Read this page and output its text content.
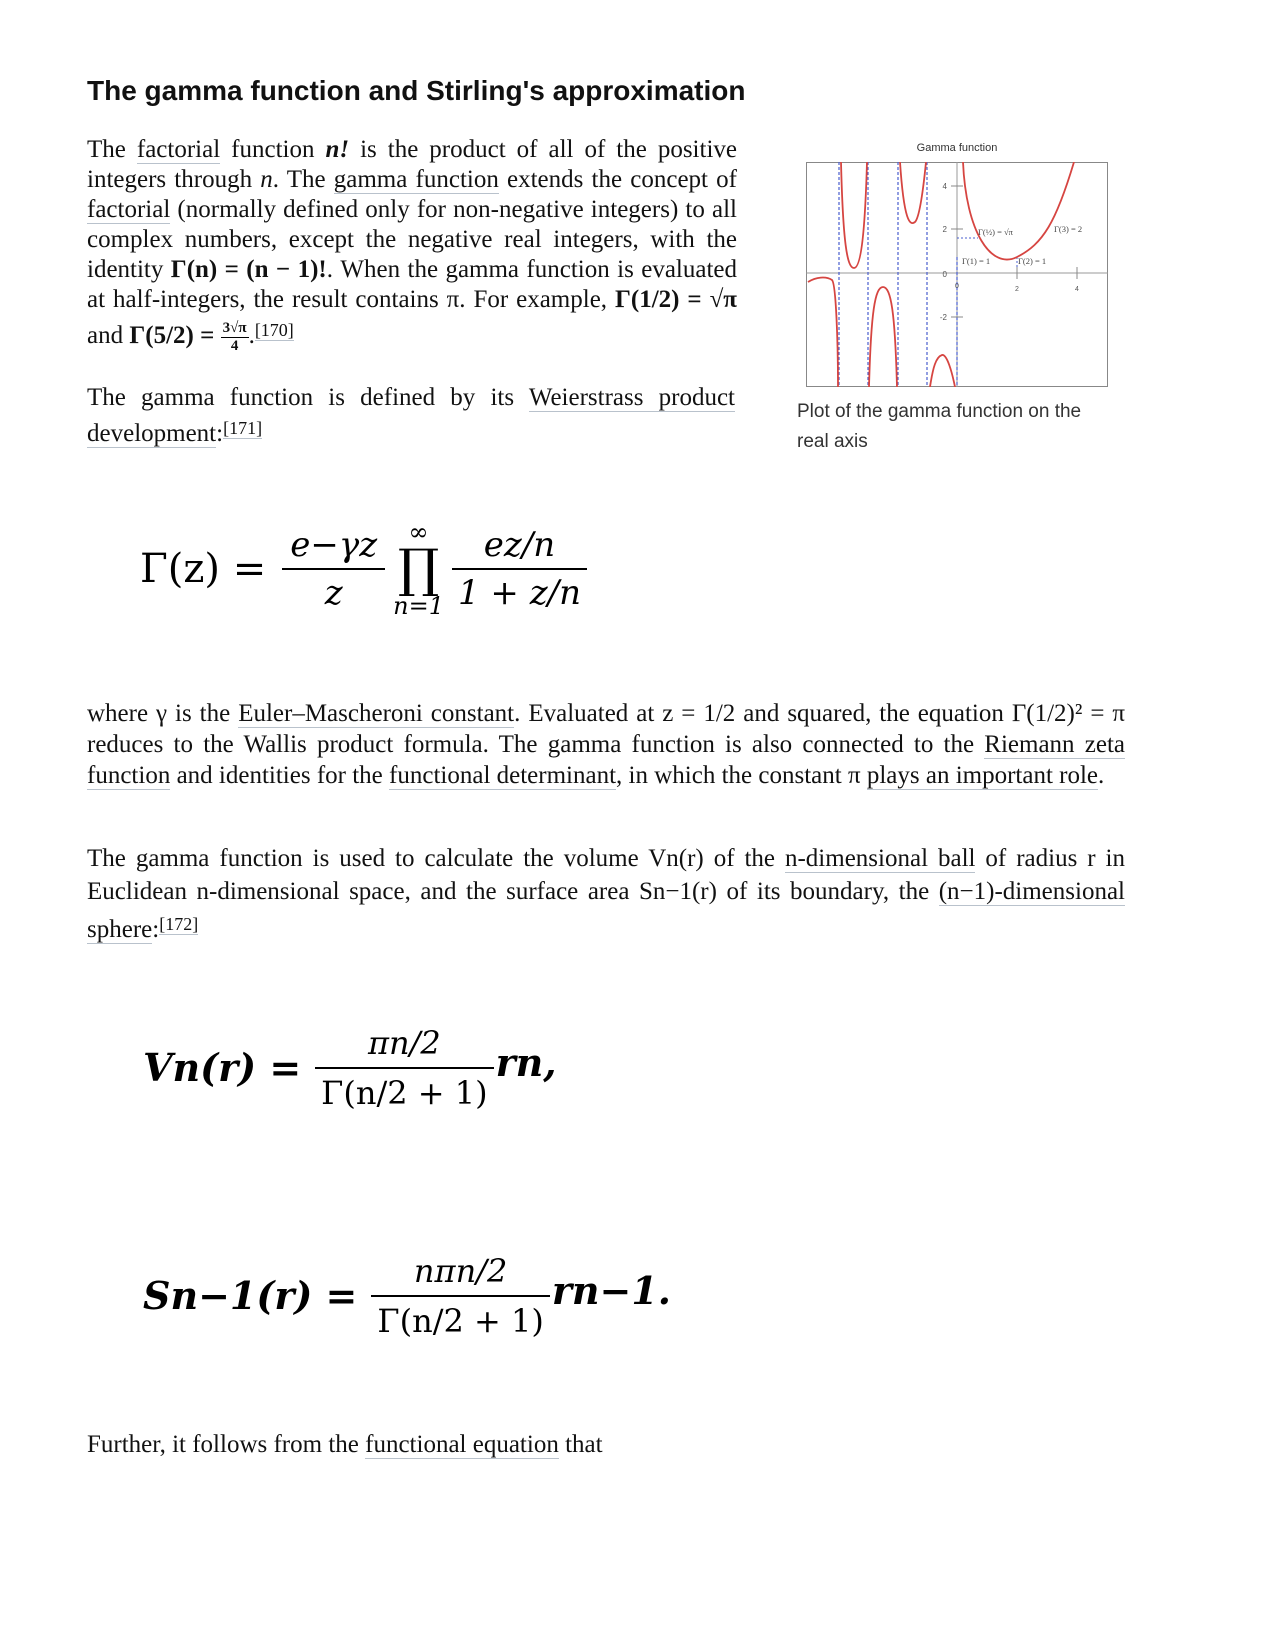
The gamma function and Stirling's approximation
The factorial function n! is the product of all of the positive integers through n. The gamma function extends the concept of factorial (normally defined only for non-negative integers) to all complex numbers, except the negative real integers, with the identity Γ(n) = (n − 1)!. When the gamma function is evaluated at half-integers, the result contains π. For example, Γ(1/2) = √π and $\Gamma(5/2) = \frac{3√\pi}{4} .[170]$
The gamma function is defined by its Weierstrass product development:[171]
Gamma function
4
2
0
-2
0	2	4
Γ(½) = √π	Γ(3) = 2
Γ(1) = 1	Γ(2) = 1
Plot of the gamma function on the real axis
$\Gamma(z) = \frac{e-\gamma z}{z}$ ∞
∏
$n=1 \frac{ez/n}{1 + z/n}$
where γ is the Euler–Mascheroni constant. Evaluated at z = 1/2 and squared, the equation Γ(1/2)² = π reduces to the Wallis product formula. The gamma function is also connected to the Riemann zeta function and identities for the functional determinant, in which the constant π plays an important role.
The gamma function is used to calculate the volume Vn(r) of the n-dimensional ball of radius r in Euclidean n-dimensional space, and the surface area Sn−1(r) of its boundary, the (n−1)-dimensional sphere:[172]
$Vn(r) = \frac{\pi n/2}{\Gamma(n/2 + 1)}$ rn,
$Sn-1(r) = \frac{\text{nπn/2}}{\Gamma(n/2 + 1)} rn-1$.
Further, it follows from the functional equation that
